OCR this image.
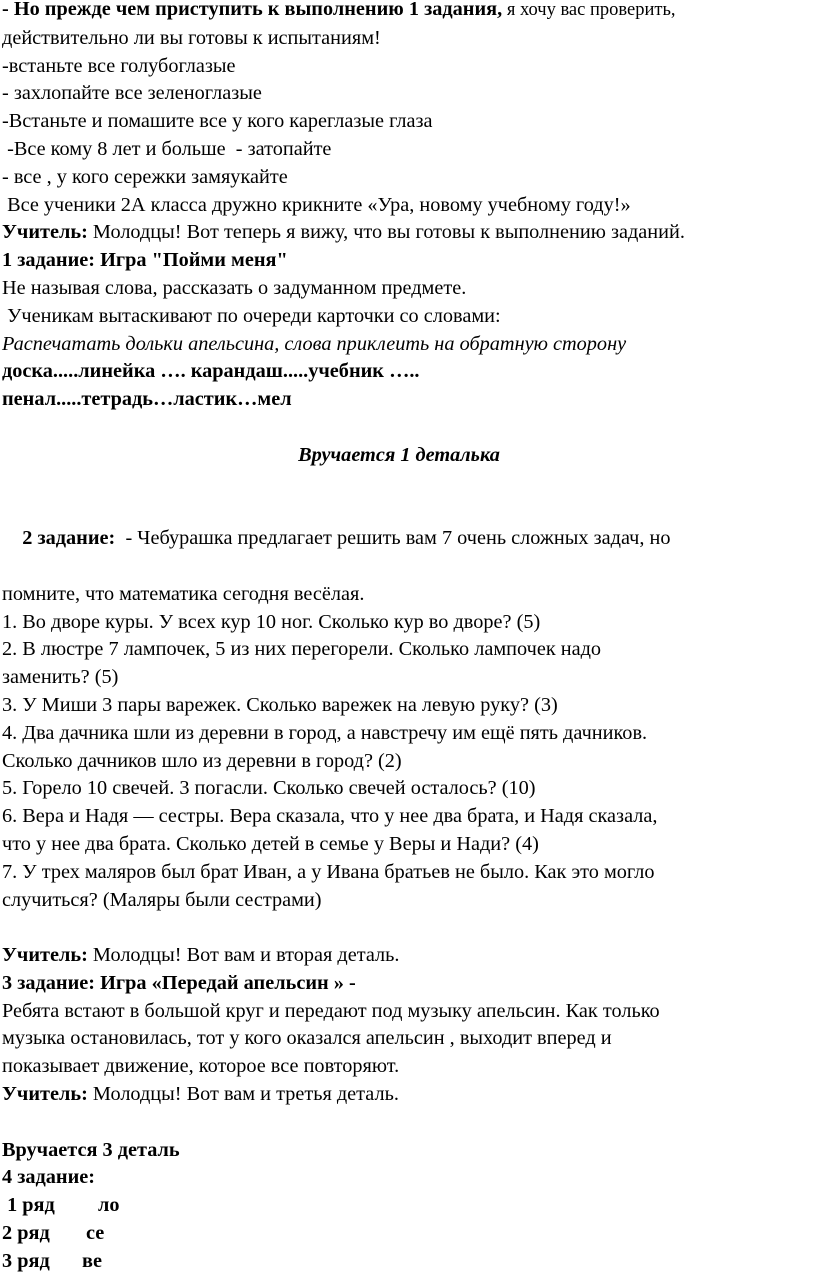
- Но прежде чем приступить к выполнению 1 задания, я хочу вас проверить,

действительно ли вы готовы к испытаниям!

-встаньте все голубоглазые

- захлопайте все зеленоглазые

-Встаньте и помашите все у кого кареглазые глаза

-Все кому 8 лет и больше  - затопайте

- все , у кого сережки замяукайте

Все ученики 2А класса дружно крикните «Ура, новому учебному году!»

Учитель: Молодцы! Вот теперь я вижу, что вы готовы к выполнению заданий.

1 задание: Игра "Пойми меня"

Не называя слова, рассказать о задуманном предмете.

Ученикам вытаскивают по очереди карточки со словами:

Распечатать дольки апельсина, слова приклеить на обратную сторону

доска.....линейка …. карандаш.....учебник …..

пенал.....тетрадь…ластик…мел

Вручается 1 деталька

2 задание:  - Чебурашка предлагает решить вам 7 очень сложных задач, но

помните, что математика сегодня весёлая.

1. Во дворе куры. У всех кур 10 ног. Сколько кур во дворе? (5)

2. В люстре 7 лампочек, 5 из них перегорели. Сколько лампочек надо

заменить? (5)

3. У Миши 3 пары варежек. Сколько варежек на левую руку? (3)

4. Два дачника шли из деревни в город, а навстречу им ещё пять дачников.

Сколько дачников шло из деревни в город? (2)

5. Горело 10 свечей. 3 погасли. Сколько свечей осталось? (10)

6. Вера и Надя — сестры. Вера сказала, что у нее два брата, и Надя сказала,

что у нее два брата. Сколько детей в семье у Веры и Нади? (4)

7. У трех маляров был брат Иван, а у Ивана братьев не было. Как это могло

случиться? (Маляры были сестрами)

Учитель: Молодцы! Вот вам и вторая деталь.

3 задание: Игра «Передай апельсин » -

Ребята встают в большой круг и передают под музыку апельсин. Как только

музыка остановилась, тот у кого оказался апельсин , выходит вперед и

показывает движение, которое все повторяют.

Учитель: Молодцы! Вот вам и третья деталь.

Вручается 3 деталь

4 задание:

1 ряд ло

2 ряд се

3 ряд ве
